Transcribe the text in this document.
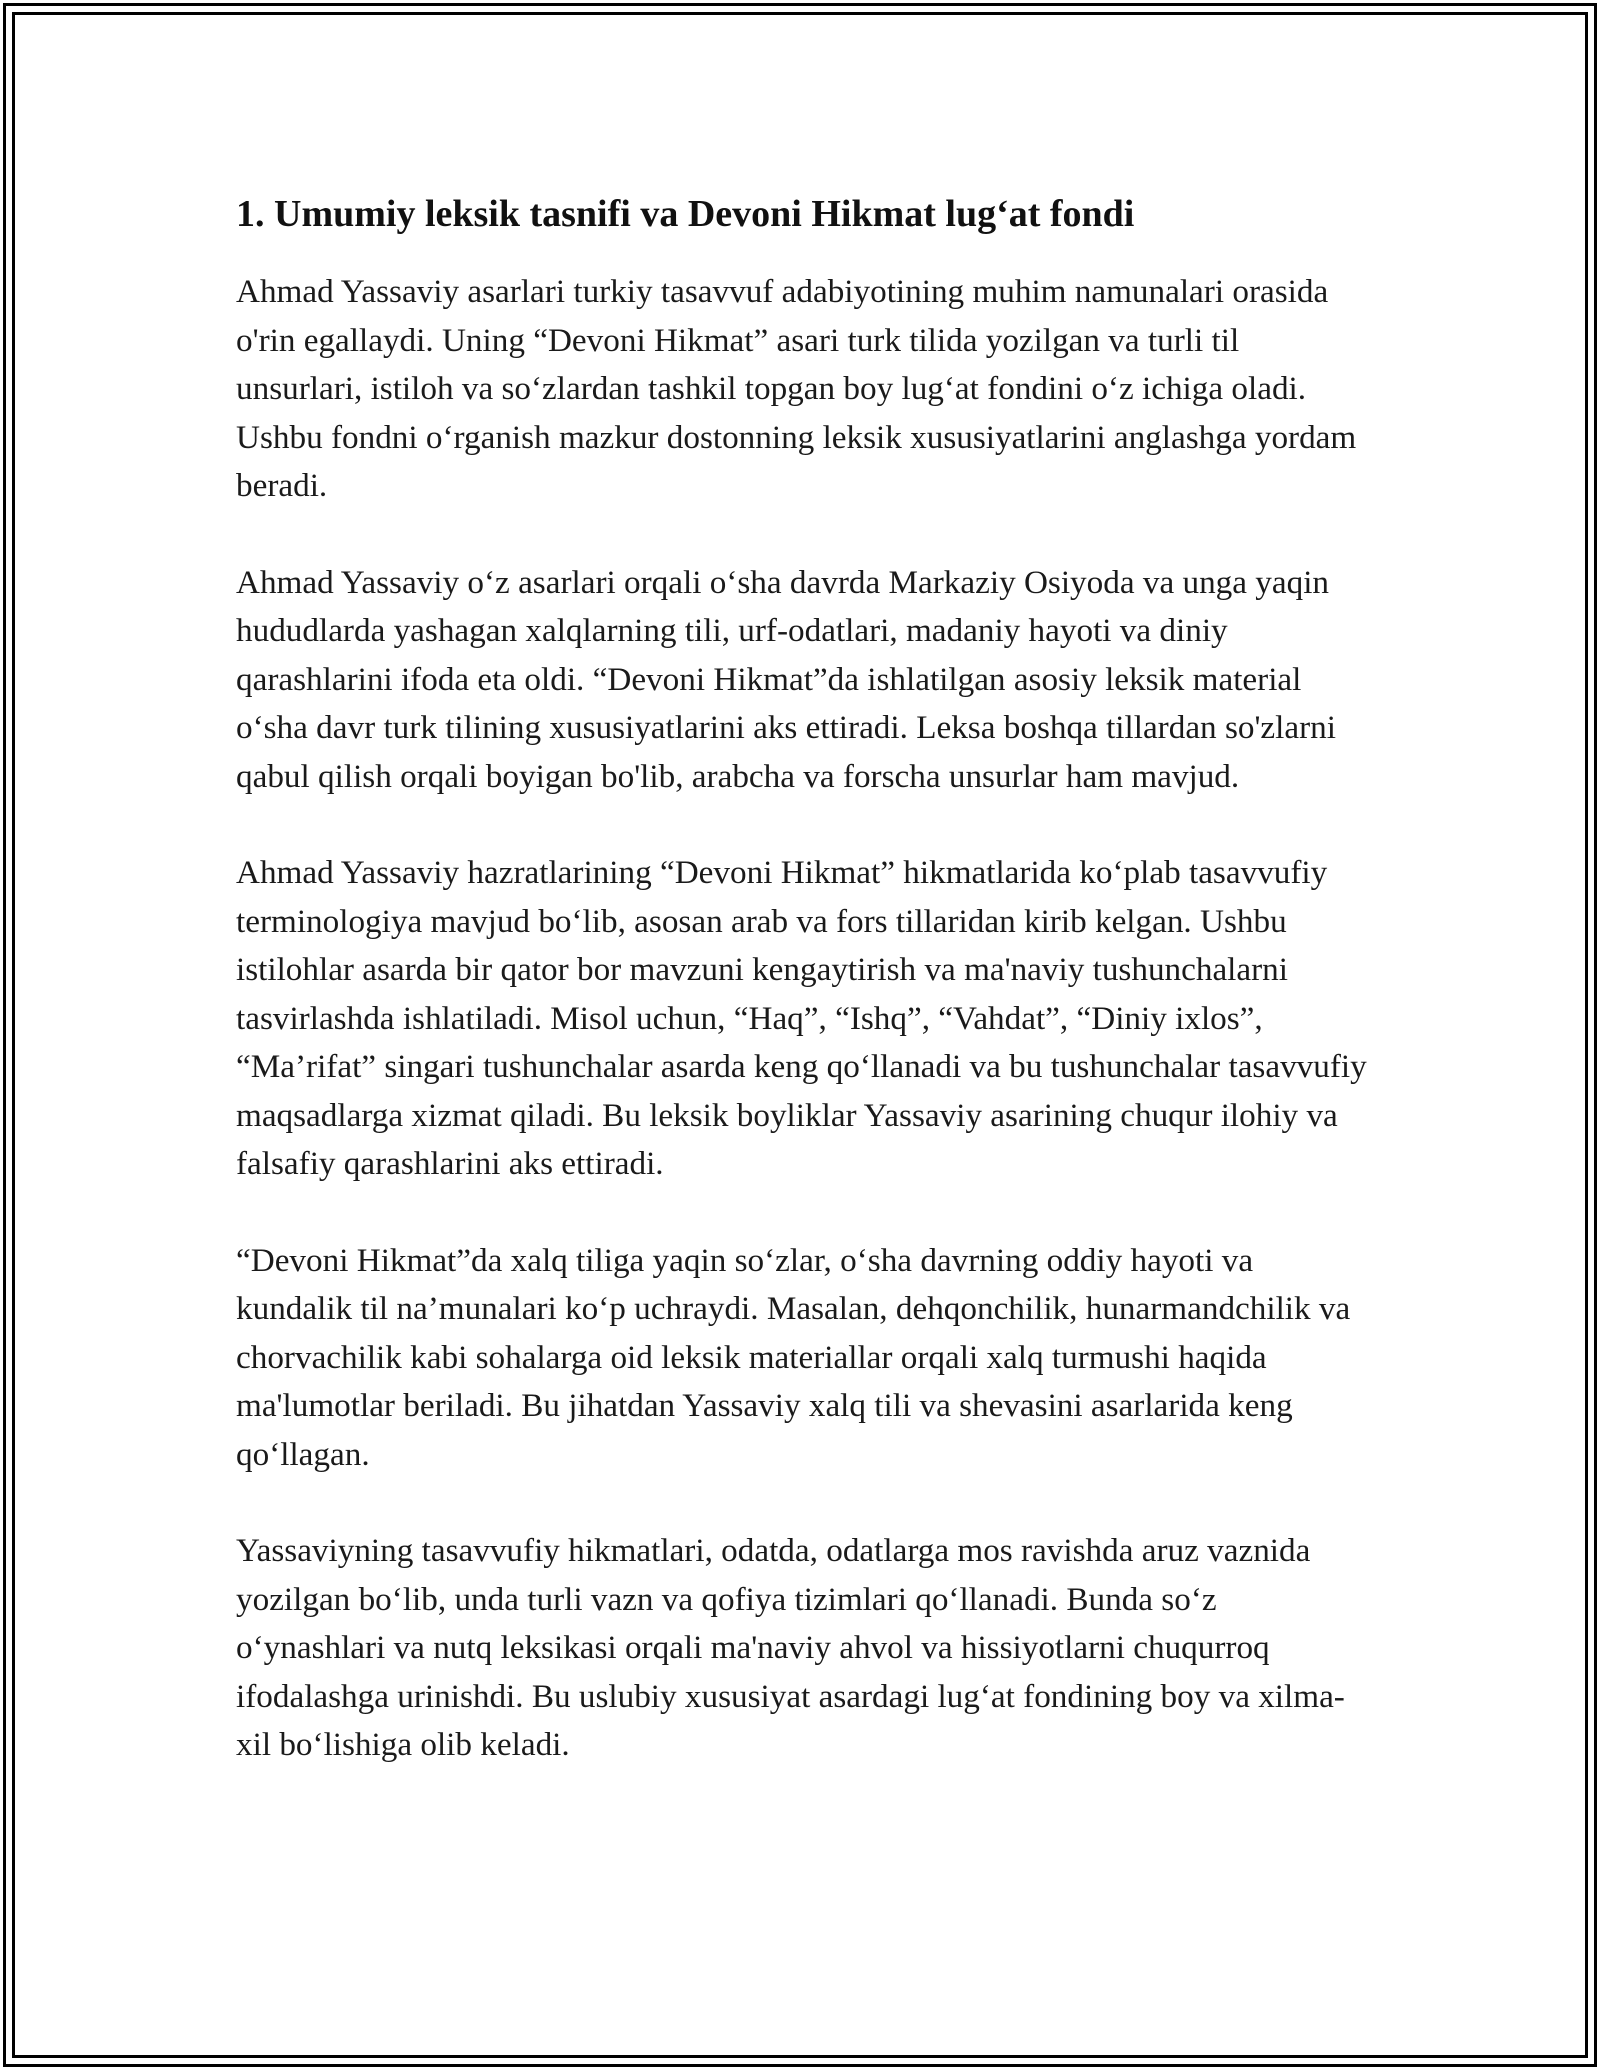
1. Umumiy leksik tasnifi va Devoni Hikmat lug‘at fondi

Ahmad Yassaviy asarlari turkiy tasavvuf adabiyotining muhim namunalari orasida o'rin egallaydi. Uning “Devoni Hikmat” asari turk tilida yozilgan va turli til unsurlari, istiloh va so‘zlardan tashkil topgan boy lug‘at fondini o‘z ichiga oladi. Ushbu fondni o‘rganish mazkur dostonning leksik xususiyatlarini anglashga yordam beradi.

Ahmad Yassaviy o‘z asarlari orqali o‘sha davrda Markaziy Osiyoda va unga yaqin hududlarda yashagan xalqlarning tili, urf-odatlari, madaniy hayoti va diniy qarashlarini ifoda eta oldi. “Devoni Hikmat”da ishlatilgan asosiy leksik material o‘sha davr turk tilining xususiyatlarini aks ettiradi. Leksa boshqa tillardan so'zlarni qabul qilish orqali boyigan bo'lib, arabcha va forscha unsurlar ham mavjud.

Ahmad Yassaviy hazratlarining “Devoni Hikmat” hikmatlarida ko‘plab tasavvufiy terminologiya mavjud bo‘lib, asosan arab va fors tillaridan kirib kelgan. Ushbu istilohlar asarda bir qator bor mavzuni kengaytirish va ma'naviy tushunchalarni tasvirlashda ishlatiladi. Misol uchun, “Haq”, “Ishq”, “Vahdat”, “Diniy ixlos”, “Ma’rifat” singari tushunchalar asarda keng qo‘llanadi va bu tushunchalar tasavvufiy maqsadlarga xizmat qiladi. Bu leksik boyliklar Yassaviy asarining chuqur ilohiy va falsafiy qarashlarini aks ettiradi.

“Devoni Hikmat”da xalq tiliga yaqin so‘zlar, o‘sha davrning oddiy hayoti va kundalik til na’munalari ko‘p uchraydi. Masalan, dehqonchilik, hunarmandchilik va chorvachilik kabi sohalarga oid leksik materiallar orqali xalq turmushi haqida ma'lumotlar beriladi. Bu jihatdan Yassaviy xalq tili va shevasini asarlarida keng qo‘llagan.

Yassaviyning tasavvufiy hikmatlari, odatda, odatlarga mos ravishda aruz vaznida yozilgan bo‘lib, unda turli vazn va qofiya tizimlari qo‘llanadi. Bunda so‘z o‘ynashlari va nutq leksikasi orqali ma'naviy ahvol va hissiyotlarni chuqurroq ifodalashga urinishdi. Bu uslubiy xususiyat asardagi lug‘at fondining boy va xilma-xil bo‘lishiga olib keladi.
